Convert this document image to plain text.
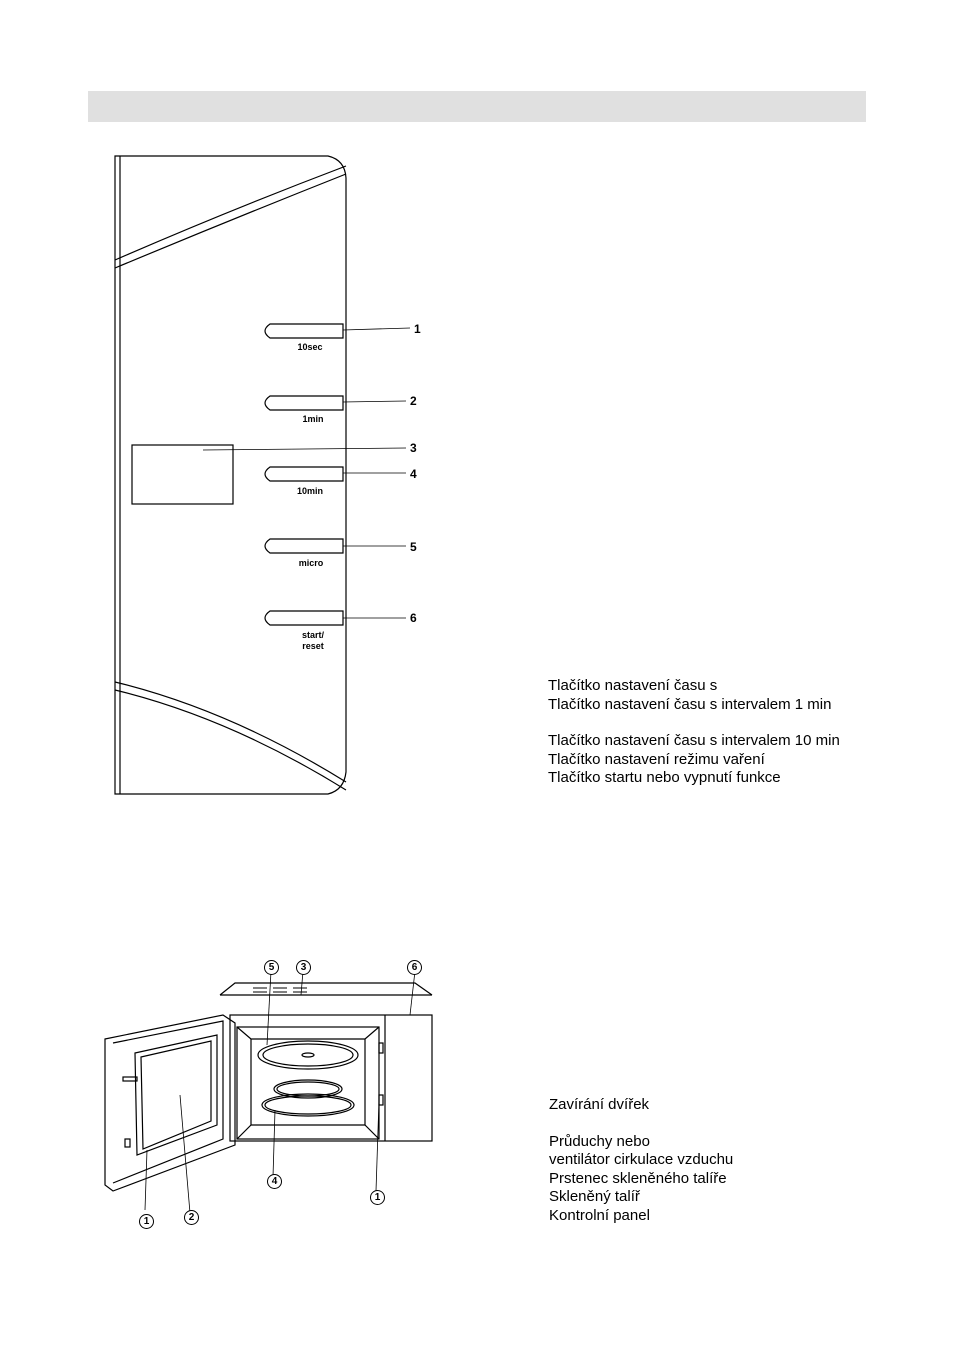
10sec
1min
10min
micro
start/
reset
1
2
3
4
5
6
Tlačítko nastavení času s
Tlačítko nastavení času s intervalem 1 min
Tlačítko nastavení času s intervalem 10 min
Tlačítko nastavení režimu vaření
Tlačítko startu nebo vypnutí funkce
5	3	6
1	2
4
1
Zavírání dvířek
Průduchy nebo
ventilátor cirkulace vzduchu
Prstenec skleněného talíře
Skleněný talíř
Kontrolní panel
